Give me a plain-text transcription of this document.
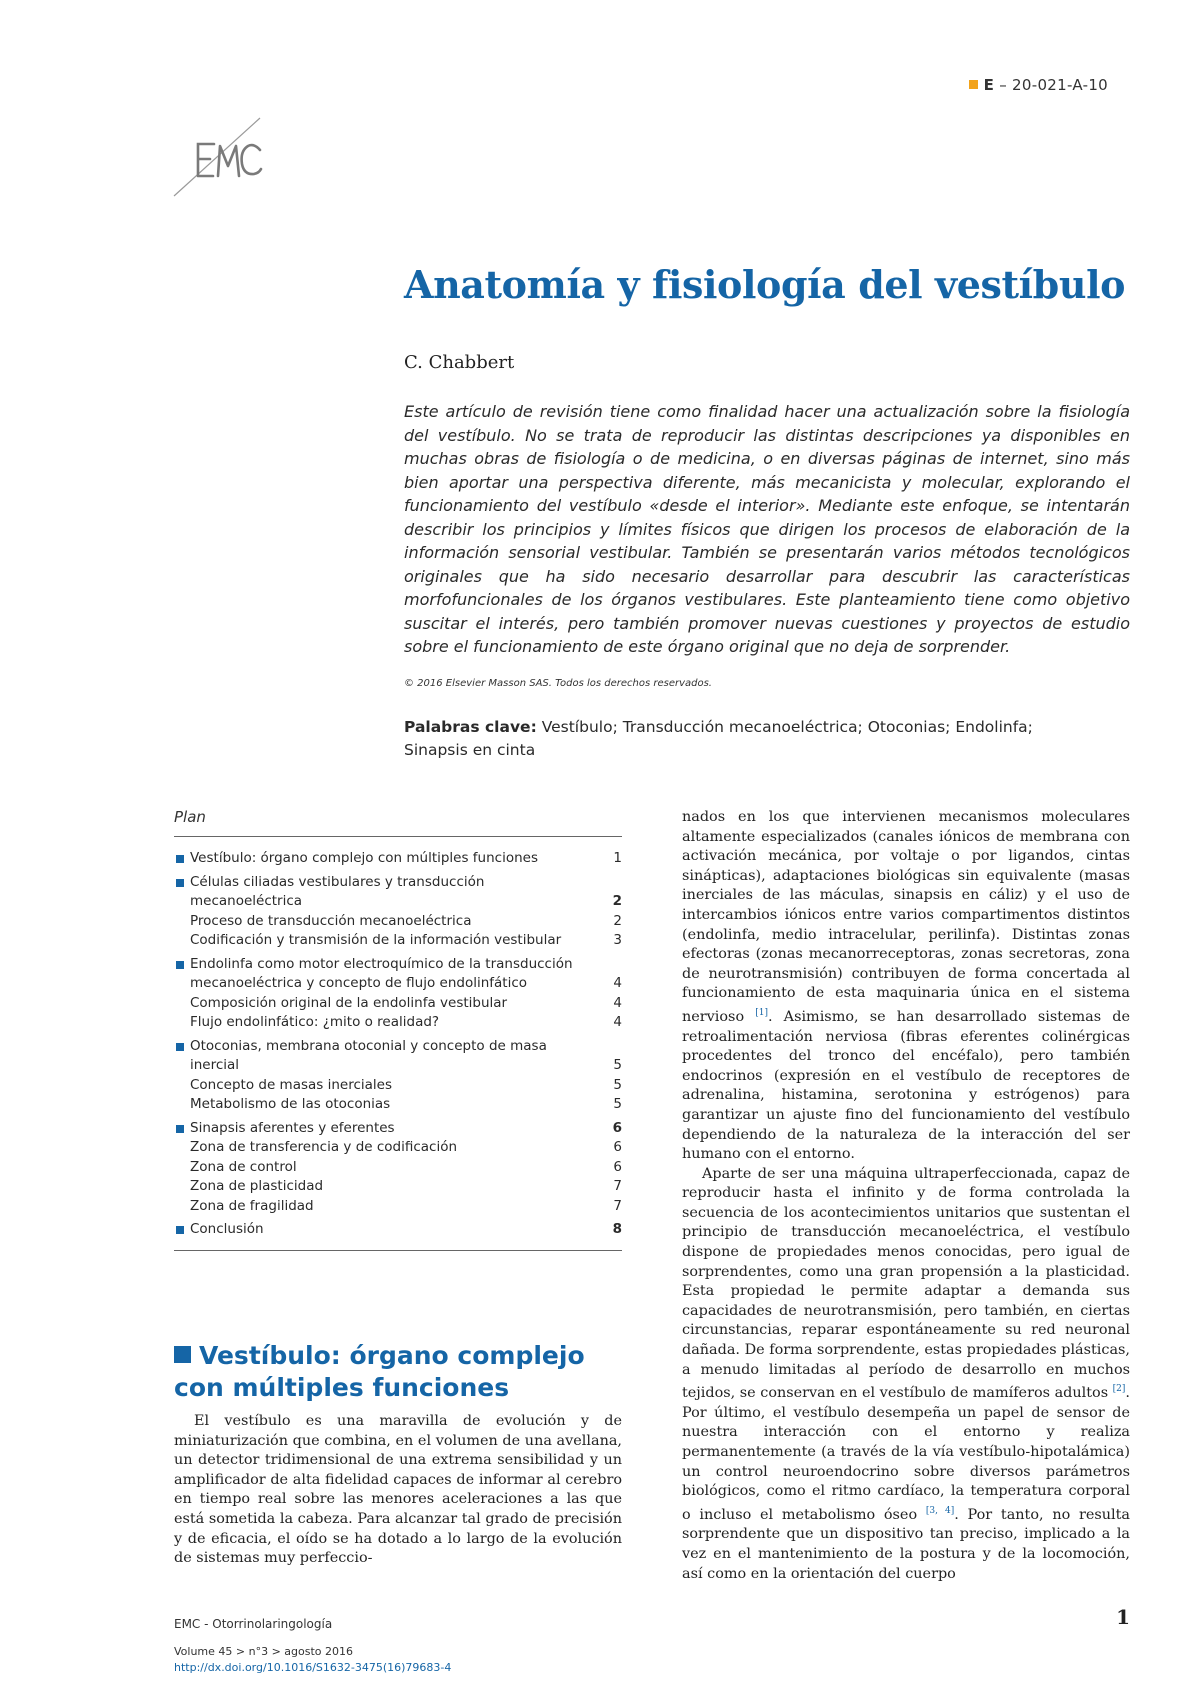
E – 20-021-A-10
Anatomía y fisiología del vestíbulo
C. Chabbert
Este artículo de revisión tiene como finalidad hacer una actualización sobre la fisiología del vestíbulo. No se trata de reproducir las distintas descripciones ya disponibles en muchas obras de fisiología o de medicina, o en diversas páginas de internet, sino más bien aportar una perspectiva diferente, más mecanicista y molecular, explorando el funcionamiento del vestíbulo «desde el interior». Mediante este enfoque, se intentarán describir los principios y límites físicos que dirigen los procesos de elaboración de la información sensorial vestibular. También se presentarán varios métodos tecnológicos originales que ha sido necesario desarrollar para descubrir las características morfofuncionales de los órganos vestibulares. Este planteamiento tiene como objetivo suscitar el interés, pero también promover nuevas cuestiones y proyectos de estudio sobre el funcionamiento de este órgano original que no deja de sorprender.
© 2016 Elsevier Masson SAS. Todos los derechos reservados.
Palabras clave: Vestíbulo; Transducción mecanoeléctrica; Otoconias; Endolinfa; Sinapsis en cinta
Plan
Vestíbulo: órgano complejo con múltiples funciones	1
Células ciliadas vestibulares y transducción mecanoeléctrica	2
Proceso de transducción mecanoeléctrica	2
Codificación y transmisión de la información vestibular	3
Endolinfa como motor electroquímico de la transducción mecanoeléctrica y concepto de flujo endolinfático	4
Composición original de la endolinfa vestibular	4
Flujo endolinfático: ¿mito o realidad?	4
Otoconias, membrana otoconial y concepto de masa inercial	5
Concepto de masas inerciales	5
Metabolismo de las otoconias	5
Sinapsis aferentes y eferentes	6
Zona de transferencia y de codificación	6
Zona de control	6
Zona de plasticidad	7
Zona de fragilidad	7
Conclusión	8
Vestíbulo: órgano complejo con múltiples funciones

El vestíbulo es una maravilla de evolución y de miniaturización que combina, en el volumen de una avellana, un detector tridimensional de una extrema sensibilidad y un amplificador de alta fidelidad capaces de informar al cerebro en tiempo real sobre las menores aceleraciones a las que está sometida la cabeza. Para alcanzar tal grado de precisión y de eficacia, el oído se ha dotado a lo largo de la evolución de sistemas muy perfeccio-

nados en los que intervienen mecanismos moleculares altamente especializados (canales iónicos de membrana con activación mecánica, por voltaje o por ligandos, cintas sinápticas), adaptaciones biológicas sin equivalente (masas inerciales de las máculas, sinapsis en cáliz) y el uso de intercambios iónicos entre varios compartimentos distintos (endolinfa, medio intracelular, perilinfa). Distintas zonas efectoras (zonas mecanorreceptoras, zonas secretoras, zona de neurotransmisión) contribuyen de forma concertada al funcionamiento de esta maquinaria única en el sistema nervioso [1]. Asimismo, se han desarrollado sistemas de retroalimentación nerviosa (fibras eferentes colinérgicas procedentes del tronco del encéfalo), pero también endocrinos (expresión en el vestíbulo de receptores de adrenalina, histamina, serotonina y estrógenos) para garantizar un ajuste fino del funcionamiento del vestíbulo dependiendo de la naturaleza de la interacción del ser humano con el entorno.

Aparte de ser una máquina ultraperfeccionada, capaz de reproducir hasta el infinito y de forma controlada la secuencia de los acontecimientos unitarios que sustentan el principio de transducción mecanoeléctrica, el vestíbulo dispone de propiedades menos conocidas, pero igual de sorprendentes, como una gran propensión a la plasticidad. Esta propiedad le permite adaptar a demanda sus capacidades de neurotransmisión, pero también, en ciertas circunstancias, reparar espontáneamente su red neuronal dañada. De forma sorprendente, estas propiedades plásticas, a menudo limitadas al período de desarrollo en muchos tejidos, se conservan en el vestíbulo de mamíferos adultos [2]. Por último, el vestíbulo desempeña un papel de sensor de nuestra interacción con el entorno y realiza permanentemente (a través de la vía vestíbulo-hipotalámica) un control neuroendocrino sobre diversos parámetros biológicos, como el ritmo cardíaco, la temperatura corporal o incluso el metabolismo óseo [3, 4]. Por tanto, no resulta sorprendente que un dispositivo tan preciso, implicado a la vez en el mantenimiento de la postura y de la locomoción, así como en la orientación del cuerpo

EMC - Otorrinolaringología
Volume 45 > n°3 > agosto 2016
http://dx.doi.org/10.1016/S1632-3475(16)79683-4
1
